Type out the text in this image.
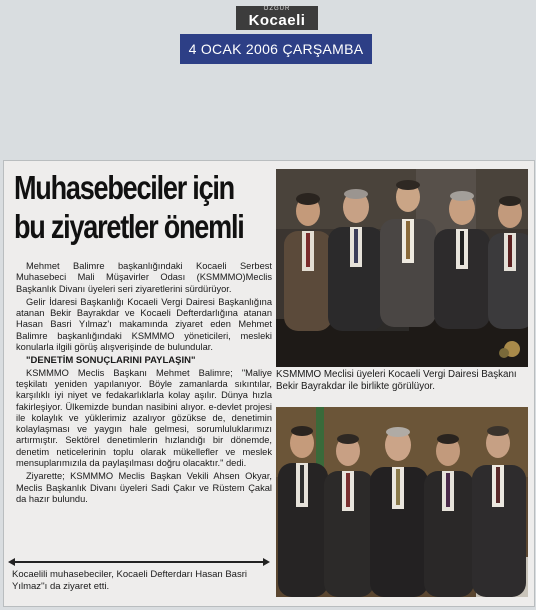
ÖZGÜR
Kocaeli
4 OCAK 2006 ÇARŞAMBA
Muhasebeciler için
bu ziyaretler önemli

Mehmet Balimre başkanlığındaki Kocaeli Serbest Muhasebeci Mali Müşavirler Odası (KSMMMO)Meclis Başkanlık Divanı üyeleri seri ziyaretlerini sürdürüyor.

Gelir İdaresi Başkanlığı Kocaeli Vergi Dairesi Başkanlığına atanan Bekir Bayrakdar ve Kocaeli Defterdarlığına atanan Hasan Basri Yılmaz'ı makamında ziyaret eden Mehmet Balimre başkanlığındaki KSMMMO yöneticileri, mesleki konularla ilgili görüş alışverişinde de bulundular.

"DENETİM SONUÇLARINI PAYLAŞIN"

KSMMMO Meclis Başkanı Mehmet Balimre; "Maliye teşkilatı yeniden yapılanıyor. Böyle zamanlarda sıkıntılar, karşılıklı iyi niyet ve fedakarlıklarla kolay aşılır. Dünya hızla fakirleşiyor. Ülkemizde bundan nasibini alıyor. e-devlet projesi ile kolaylık ve yüklerimiz azalıyor gözükse de, denetimin kolaylaşması ve yaygın hale gelmesi, sorumluluklarımızı artırmıştır. Sektörel denetimlerin hızlandığı bir dönemde, denetim neticelerinin toplu olarak mükellefler ve meslek mensuplarımızıla da paylaşılması doğru olacaktır." dedi.

Ziyarette; KSMMMO Meclis Başkan Vekili Ahsen Okyar, Meclis Başkanlık Divanı üyeleri Sadi Çakır ve Rüstem Çakal da hazır bulundu.

Kocaelili muhasebeciler, Kocaeli Defterdarı Hasan Basri Yılmaz''ı da ziyaret etti.
KSMMMO Meclisi üyeleri Kocaeli Vergi Dairesi Başkanı Bekir Bayrakdar ile birlikte görülüyor.
